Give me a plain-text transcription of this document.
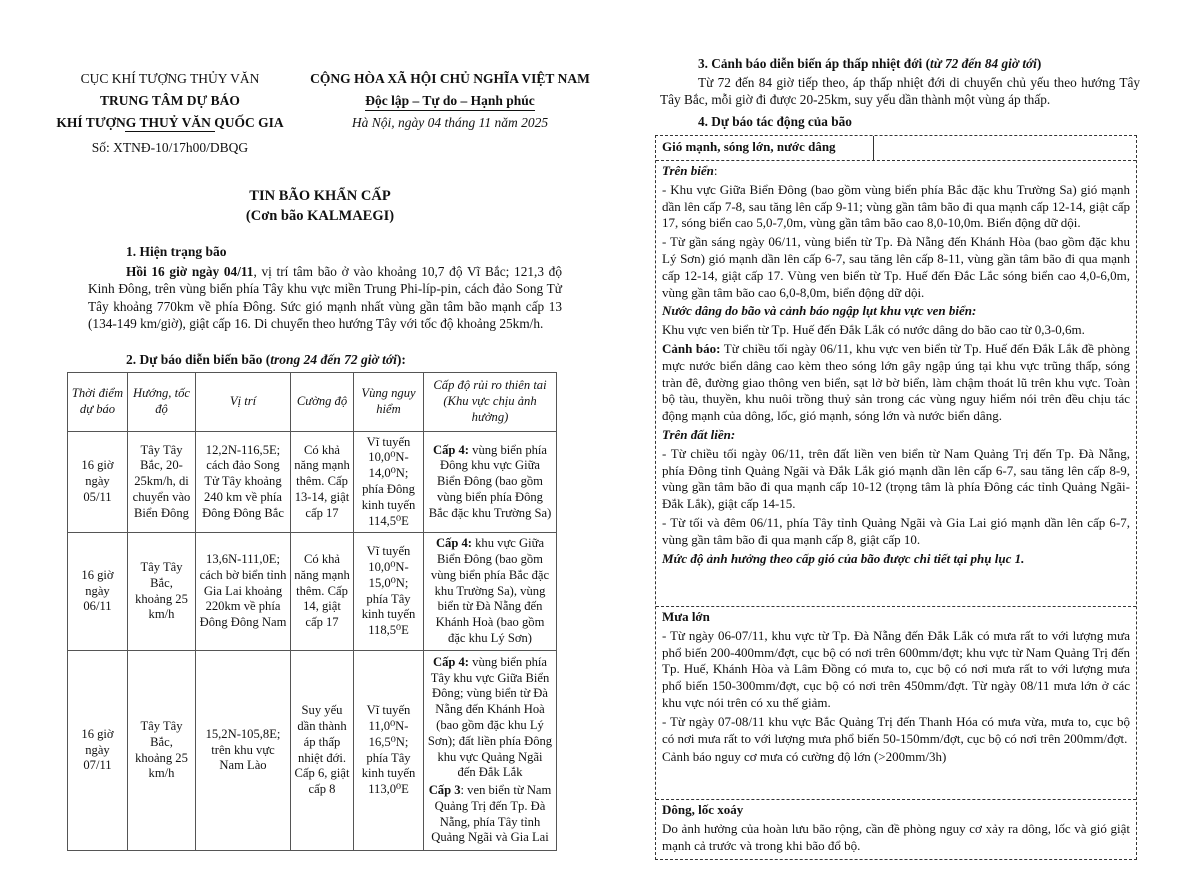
CỤC KHÍ TƯỢNG THỦY VĂN
TRUNG TÂM DỰ BÁO
KHÍ TƯỢNG THUỶ VĂN QUỐC GIA
Số: XTNĐ-10/17h00/DBQG
CỘNG HÒA XÃ HỘI CHỦ NGHĨA VIỆT NAM
Độc lập – Tự do – Hạnh phúc
Hà Nội, ngày 04 tháng 11 năm 2025
TIN BÃO KHẨN CẤP
(Cơn bão KALMAEGI)
1. Hiện trạng bão

Hồi 16 giờ ngày 04/11, vị trí tâm bão ở vào khoảng 10,7 độ Vĩ Bắc; 121,3 độ Kinh Đông, trên vùng biển phía Tây khu vực miền Trung Phi-líp-pin, cách đảo Song Tử Tây khoảng 770km về phía Đông. Sức gió mạnh nhất vùng gần tâm bão mạnh cấp 13 (134-149 km/giờ), giật cấp 16. Di chuyển theo hướng Tây với tốc độ khoảng 25km/h.

2. Dự báo diễn biến bão (trong 24 đến 72 giờ tới):
Thời điểm dự báo	Hướng, tốc độ	Vị trí	Cường độ	Vùng nguy hiểm	Cấp độ rủi ro thiên tai (Khu vực chịu ảnh hưởng)
16 giờ ngày 05/11	Tây Tây Bắc, 20-25km/h, di chuyển vào Biển Đông	12,2N-116,5E; cách đảo Song Tử Tây khoảng 240 km về phía Đông Đông Bắc	Có khả năng mạnh thêm. Cấp 13-14, giật cấp 17	Vĩ tuyến 10,0⁰N-14,0⁰N; phía Đông kinh tuyến 114,5⁰E	Cấp 4: vùng biển phía Đông khu vực Giữa Biển Đông (bao gồm vùng biển phía Đông Bắc đặc khu Trường Sa)
16 giờ ngày 06/11	Tây Tây Bắc, khoảng 25 km/h	13,6N-111,0E; cách bờ biển tỉnh Gia Lai khoảng 220km về phía Đông Đông Nam	Có khả năng mạnh thêm. Cấp 14, giật cấp 17	Vĩ tuyến 10,0⁰N-15,0⁰N; phía Tây kinh tuyến 118,5⁰E	Cấp 4: khu vực Giữa Biển Đông (bao gồm vùng biển phía Bắc đặc khu Trường Sa), vùng biển từ Đà Nẵng đến Khánh Hoà (bao gồm đặc khu Lý Sơn)
16 giờ ngày 07/11	Tây Tây Bắc, khoảng 25 km/h	15,2N-105,8E; trên khu vực Nam Lào	Suy yếu dần thành áp thấp nhiệt đới. Cấp 6, giật cấp 8	Vĩ tuyến 11,0⁰N-16,5⁰N; phía Tây kinh tuyến 113,0⁰E	Cấp 4: vùng biển phía Tây khu vực Giữa Biển Đông; vùng biển từ Đà Nẵng đến Khánh Hoà (bao gồm đặc khu Lý Sơn); đất liền phía Đông khu vực Quảng Ngãi đến Đắk Lắk
Cấp 3: ven biển từ Nam Quảng Trị đến Tp. Đà Nẵng, phía Tây tỉnh Quảng Ngãi và Gia Lai
3. Cảnh báo diễn biến áp thấp nhiệt đới (từ 72 đến 84 giờ tới)

Từ 72 đến 84 giờ tiếp theo, áp thấp nhiệt đới di chuyển chủ yếu theo hướng Tây Tây Bắc, mỗi giờ đi được 20-25km, suy yếu dần thành một vùng áp thấp.

4. Dự báo tác động của bão
Gió mạnh, sóng lớn, nước dâng

Trên biển:

- Khu vực Giữa Biển Đông (bao gồm vùng biển phía Bắc đặc khu Trường Sa) gió mạnh dần lên cấp 7-8, sau tăng lên cấp 9-11; vùng gần tâm bão đi qua mạnh cấp 12-14, giật cấp 17, sóng biển cao 5,0-7,0m, vùng gần tâm bão cao 8,0-10,0m. Biển động dữ dội.

- Từ gần sáng ngày 06/11, vùng biển từ Tp. Đà Nẵng đến Khánh Hòa (bao gồm đặc khu Lý Sơn) gió mạnh dần lên cấp 6-7, sau tăng lên cấp 8-11, vùng gần tâm bão đi qua mạnh cấp 12-14, giật cấp 17. Vùng ven biển từ Tp. Huế đến Đắc Lắc sóng biển cao 4,0-6,0m, vùng gần tâm bão cao 6,0-8,0m, biển động dữ dội.

Nước dâng do bão và cảnh báo ngập lụt khu vực ven biển:

Khu vực ven biển từ Tp. Huế đến Đắk Lắk có nước dâng do bão cao từ 0,3-0,6m.

Cảnh báo: Từ chiều tối ngày 06/11, khu vực ven biển từ Tp. Huế đến Đắk Lắk đề phòng mực nước biển dâng cao kèm theo sóng lớn gây ngập úng tại khu vực trũng thấp, sóng tràn đê, đường giao thông ven biển, sạt lở bờ biển, làm chậm thoát lũ trên khu vực. Toàn bộ tàu, thuyền, khu nuôi trồng thuỷ sản trong các vùng nguy hiểm nói trên đều chịu tác động mạnh của dông, lốc, gió mạnh, sóng lớn và nước biển dâng.

Trên đất liền:

- Từ chiều tối ngày 06/11, trên đất liền ven biển từ Nam Quảng Trị đến Tp. Đà Nẵng, phía Đông tỉnh Quảng Ngãi và Đắk Lắk gió mạnh dần lên cấp 6-7, sau tăng lên cấp 8-9, vùng gần tâm bão đi qua mạnh cấp 10-12 (trọng tâm là phía Đông các tỉnh Quảng Ngãi- Đắk Lắk), giật cấp 14-15.

- Từ tối và đêm 06/11, phía Tây tỉnh Quảng Ngãi và Gia Lai gió mạnh dần lên cấp 6-7, vùng gần tâm bão đi qua mạnh cấp 8, giật cấp 10.

Mức độ ảnh hưởng theo cấp gió của bão được chi tiết tại phụ lục 1.

Mưa lớn

- Từ ngày 06-07/11, khu vực từ Tp. Đà Nẵng đến Đắk Lắk có mưa rất to với lượng mưa phổ biến 200-400mm/đợt, cục bộ có nơi trên 600mm/đợt; khu vực từ Nam Quảng Trị đến Tp. Huế, Khánh Hòa và Lâm Đồng có mưa to, cục bộ có nơi mưa rất to với lượng mưa phổ biến 150-300mm/đợt, cục bộ có nơi trên 450mm/đợt. Từ ngày 08/11 mưa lớn ở các khu vực nói trên có xu thế giảm.

- Từ ngày 07-08/11 khu vực Bắc Quảng Trị đến Thanh Hóa có mưa vừa, mưa to, cục bộ có nơi mưa rất to với lượng mưa phổ biến 50-150mm/đợt, cục bộ có nơi trên 200mm/đợt.

Cảnh báo nguy cơ mưa có cường độ lớn (>200mm/3h)

Dông, lốc xoáy

Do ảnh hưởng của hoàn lưu bão rộng, cần đề phòng nguy cơ xảy ra dông, lốc và gió giật mạnh cả trước và trong khi bão đổ bộ.
